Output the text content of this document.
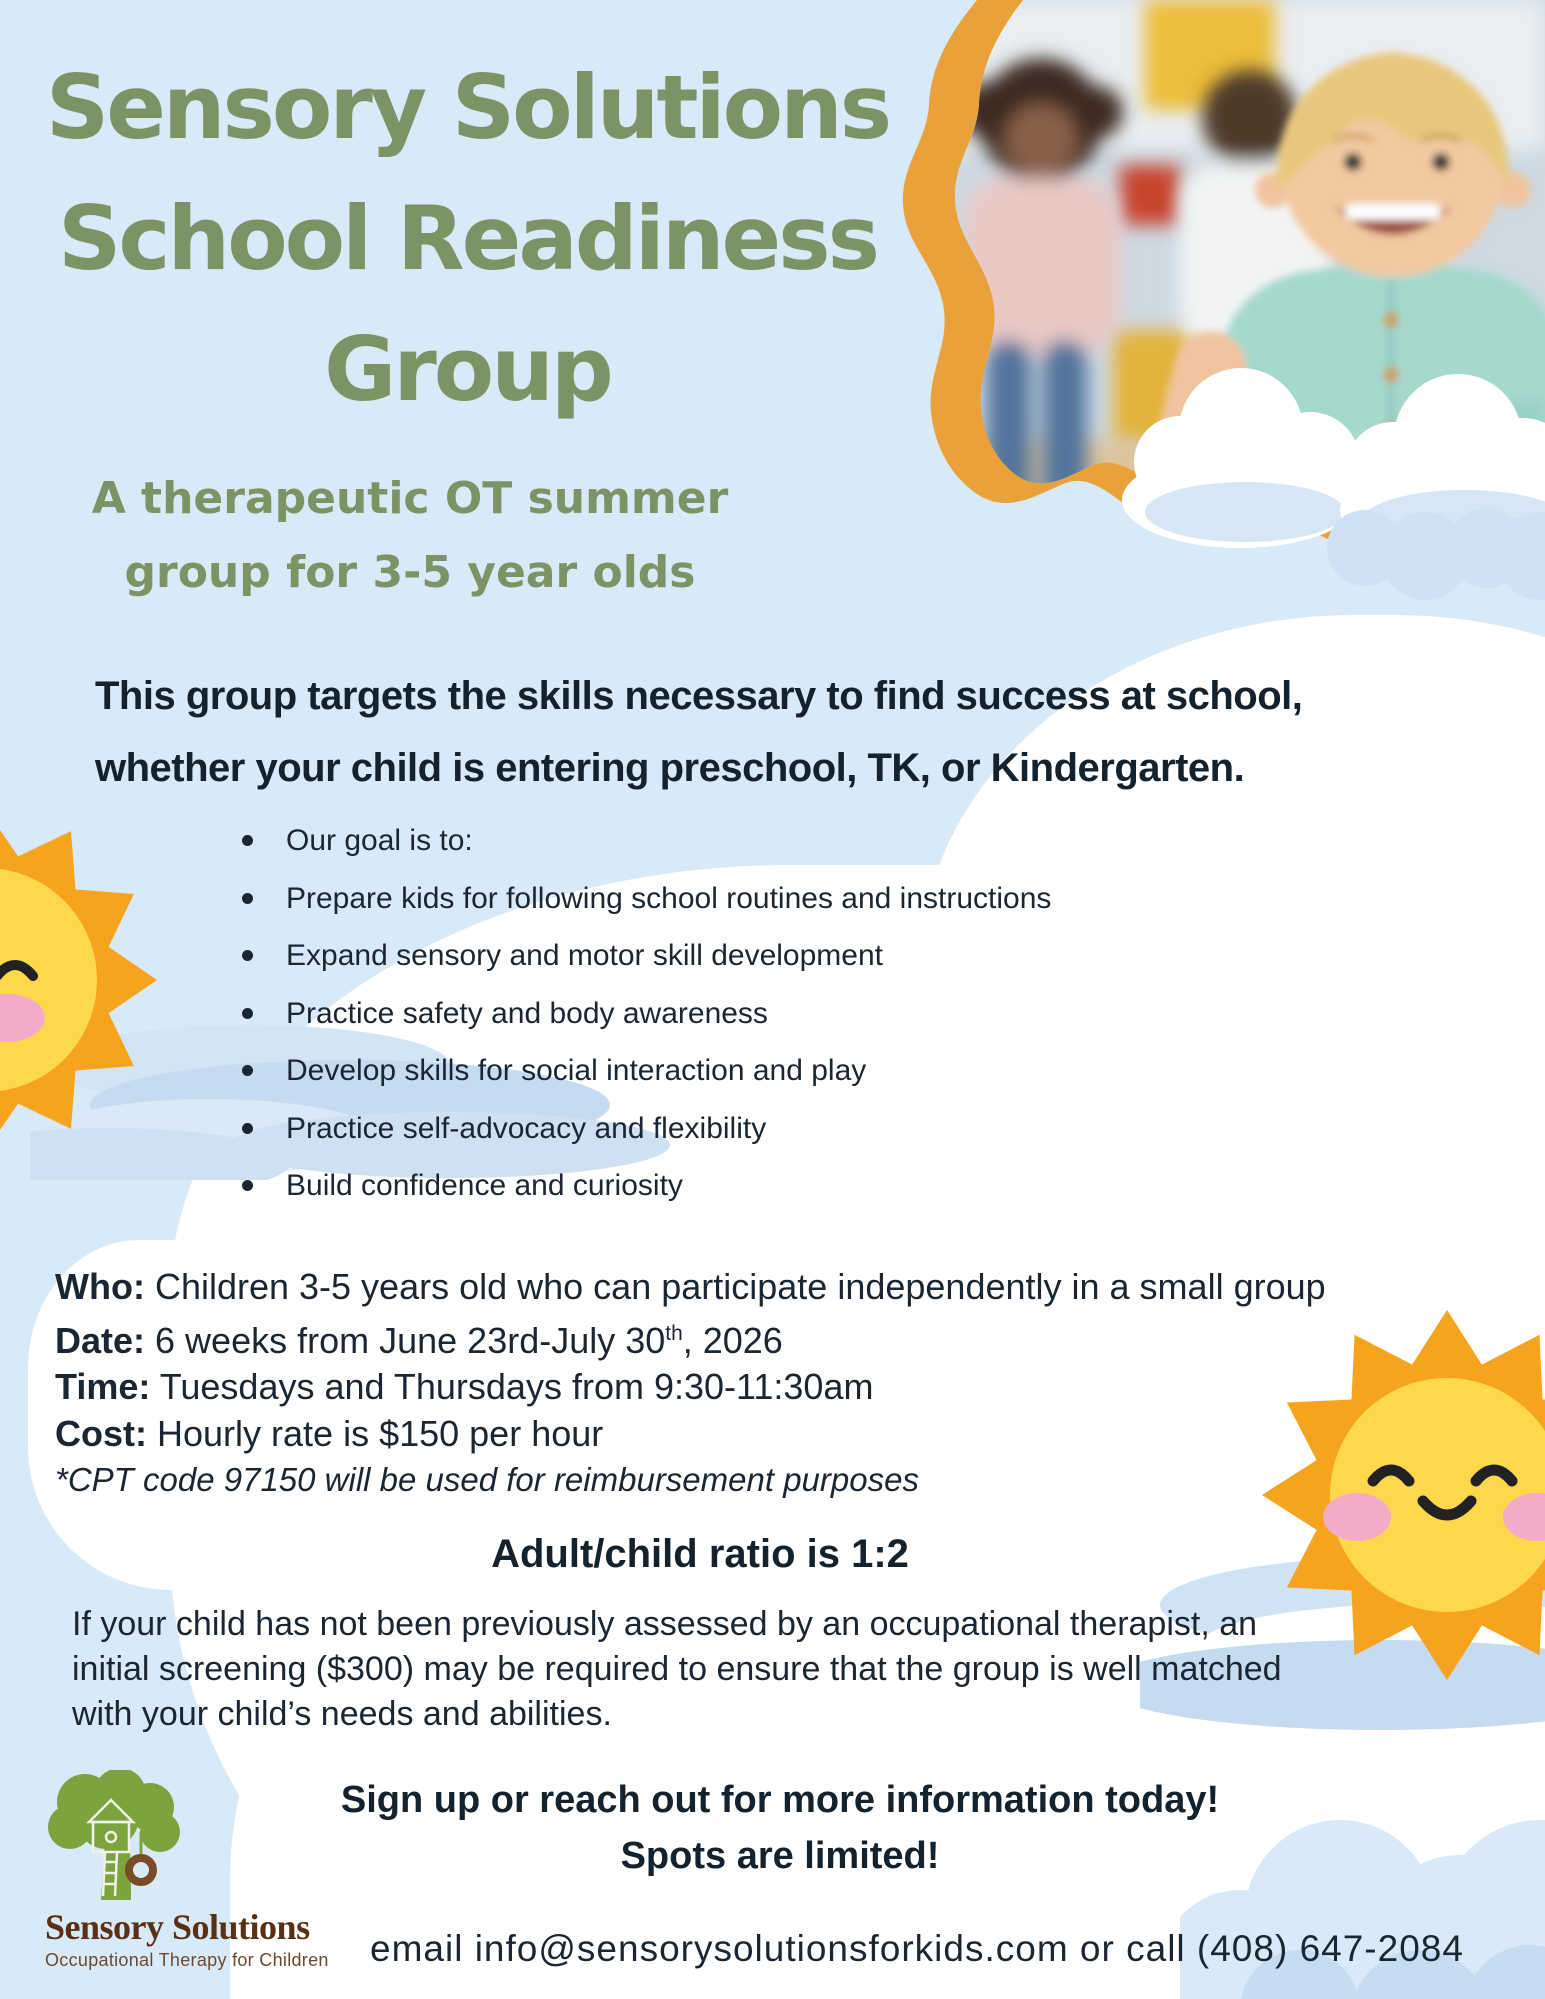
Sensory Solutions
School Readiness
Group
A therapeutic OT summer
group for 3-5 year olds
This group targets the skills necessary to find success at school,
whether your child is entering preschool, TK, or Kindergarten.
Our goal is to:
Prepare kids for following school routines and instructions
Expand sensory and motor skill development
Practice safety and body awareness
Develop skills for social interaction and play
Practice self-advocacy and flexibility
Build confidence and curiosity
Who: Children 3-5 years old who can participate independently in a small group
Date: 6 weeks from June 23rd-July 30th, 2026
Time: Tuesdays and Thursdays from 9:30-11:30am
Cost: Hourly rate is $150 per hour
*CPT code 97150 will be used for reimbursement purposes
Adult/child ratio is 1:2
If your child has not been previously assessed by an occupational therapist, an
initial screening ($300) may be required to ensure that the group is well matched
with your child’s needs and abilities.
Sign up or reach out for more information today!
Spots are limited!
email info@sensorysolutionsforkids.com or call (408) 647-2084
Sensory Solutions
Occupational Therapy for Children
